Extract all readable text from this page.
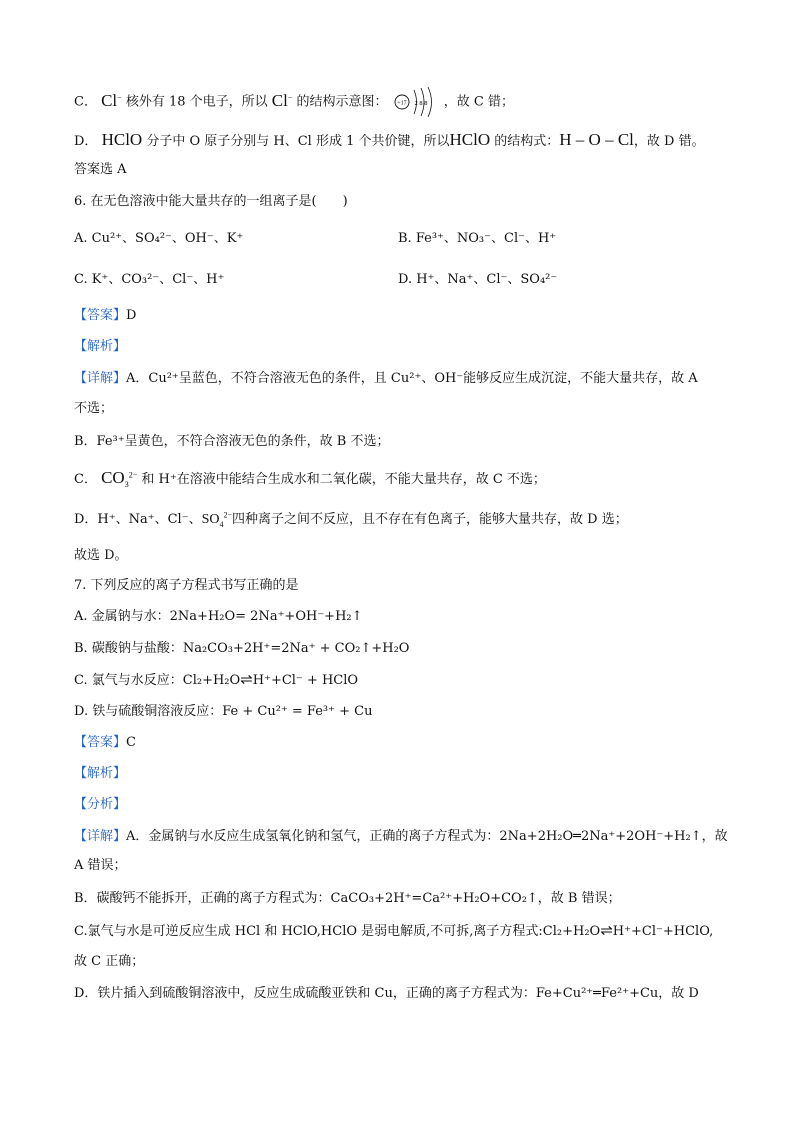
C． Cl− 核外有 18 个电子，所以 Cl− 的结构示意图： +17 2 8 8 ，故 C 错；
D． HClO 分子中 O 原子分别与 H、Cl 形成 1 个共价键，所以HClO 的结构式：H – O – Cl，故 D 错。
答案选 A
6. 在无色溶液中能大量共存的一组离子是(　　)
A. Cu²⁺、SO₄²⁻、OH⁻、K⁺	B. Fe³⁺、NO₃⁻、Cl⁻、H⁺
C. K⁺、CO₃²⁻、Cl⁻、H⁺	D. H⁺、Na⁺、Cl⁻、SO₄²⁻
【答案】D
【解析】
【详解】A．Cu²⁺呈蓝色，不符合溶液无色的条件，且 Cu²⁺、OH⁻能够反应生成沉淀，不能大量共存，故 A
不选；
B．Fe³⁺呈黄色，不符合溶液无色的条件，故 B 不选；
C． $CO_3^{2-}$ 和 H⁺在溶液中能结合生成水和二氧化碳，不能大量共存，故 C 不选；
D．H⁺、Na⁺、Cl⁻、$SO_4^{2-}$四种离子之间不反应，且不存在有色离子，能够大量共存，故 D 选；
故选 D。
7. 下列反应的离子方程式书写正确的是
A. 金属钠与水：2Na+H₂O= 2Na⁺+OH⁻+H₂↑
B. 碳酸钠与盐酸：Na₂CO₃+2H⁺=2Na⁺ + CO₂↑+H₂O
C. 氯气与水反应：Cl₂+H₂O⇌H⁺+Cl⁻ + HClO
D. 铁与硫酸铜溶液反应：Fe + Cu²⁺ = Fe³⁺ + Cu
【答案】C
【解析】
【分析】
【详解】A．金属钠与水反应生成氢氧化钠和氢气，正确的离子方程式为：2Na+2H₂O═2Na⁺+2OH⁻+H₂↑，故
A 错误；
B．碳酸钙不能拆开，正确的离子方程式为：CaCO₃+2H⁺=Ca²⁺+H₂O+CO₂↑，故 B 错误；
C.氯气与水是可逆反应生成 HCl 和 HClO,HClO 是弱电解质,不可拆,离子方程式:Cl₂+H₂O⇌H⁺+Cl⁻+HClO,
故 C 正确；
D．铁片插入到硫酸铜溶液中，反应生成硫酸亚铁和 Cu，正确的离子方程式为：Fe+Cu²⁺═Fe²⁺+Cu，故 D
